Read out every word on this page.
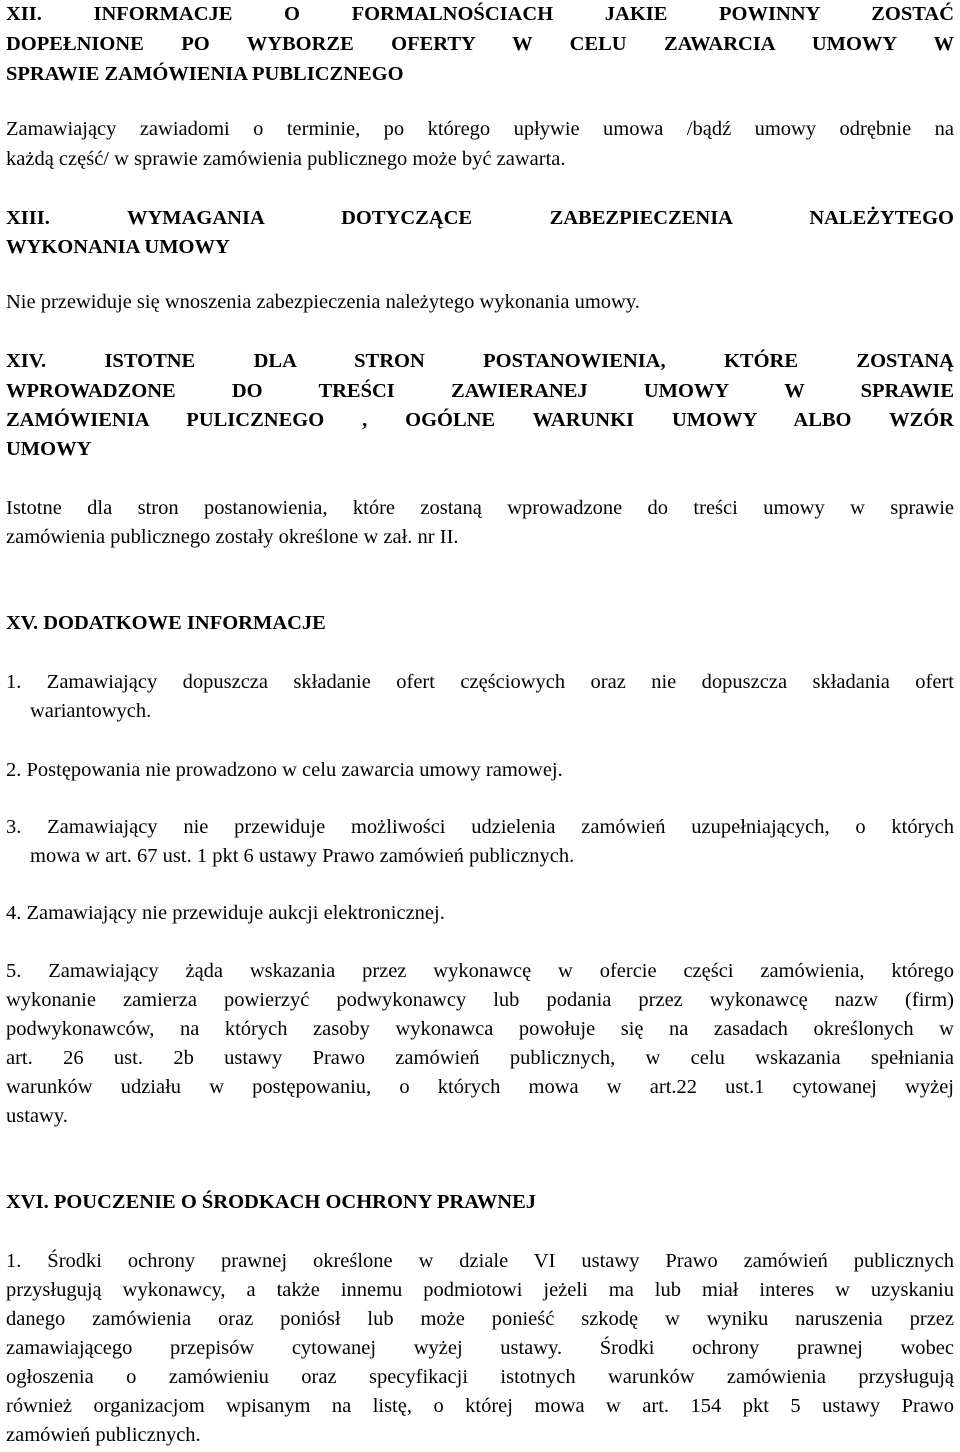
XII. INFORMACJE O FORMALNOŚCIACH JAKIE POWINNY ZOSTAĆ
DOPEŁNIONE PO WYBORZE OFERTY W CELU ZAWARCIA UMOWY W
SPRAWIE ZAMÓWIENIA PUBLICZNEGO
Zamawiający zawiadomi o terminie, po którego upływie umowa /bądź umowy odrębnie na
każdą część/ w sprawie zamówienia publicznego może być zawarta.
XIII. WYMAGANIA DOTYCZĄCE ZABEZPIECZENIA NALEŻYTEGO
WYKONANIA UMOWY
Nie przewiduje się wnoszenia zabezpieczenia należytego wykonania umowy.
XIV. ISTOTNE DLA STRON POSTANOWIENIA, KTÓRE ZOSTANĄ
WPROWADZONE DO TREŚCI ZAWIERANEJ UMOWY W SPRAWIE
ZAMÓWIENIA PULICZNEGO , OGÓLNE WARUNKI UMOWY ALBO WZÓR
UMOWY
Istotne dla stron postanowienia, które zostaną wprowadzone do treści umowy w sprawie
zamówienia publicznego zostały określone w zał. nr II.
XV. DODATKOWE INFORMACJE
1. Zamawiający dopuszcza składanie ofert częściowych oraz nie dopuszcza składania ofert
wariantowych.
2. Postępowania nie prowadzono w celu zawarcia umowy ramowej.
3. Zamawiający nie przewiduje możliwości udzielenia zamówień uzupełniających, o których
mowa w art. 67 ust. 1 pkt 6 ustawy Prawo zamówień publicznych.
4. Zamawiający nie przewiduje aukcji elektronicznej.
5. Zamawiający żąda wskazania przez wykonawcę w ofercie części zamówienia, którego
wykonanie zamierza powierzyć podwykonawcy lub podania przez wykonawcę nazw (firm)
podwykonawców, na których zasoby wykonawca powołuje się na zasadach określonych w
art. 26 ust. 2b ustawy Prawo zamówień publicznych, w celu wskazania spełniania
warunków udziału w postępowaniu, o których mowa w art.22 ust.1 cytowanej wyżej
ustawy.
XVI. POUCZENIE O ŚRODKACH OCHRONY PRAWNEJ
1. Środki ochrony prawnej określone w dziale VI ustawy Prawo zamówień publicznych
przysługują wykonawcy, a także innemu podmiotowi jeżeli ma lub miał interes w uzyskaniu
danego zamówienia oraz poniósł lub może ponieść szkodę w wyniku naruszenia przez
zamawiającego przepisów cytowanej wyżej ustawy. Środki ochrony prawnej wobec
ogłoszenia o zamówieniu oraz specyfikacji istotnych warunków zamówienia przysługują
również organizacjom wpisanym na listę, o której mowa w art. 154 pkt 5 ustawy Prawo
zamówień publicznych.
